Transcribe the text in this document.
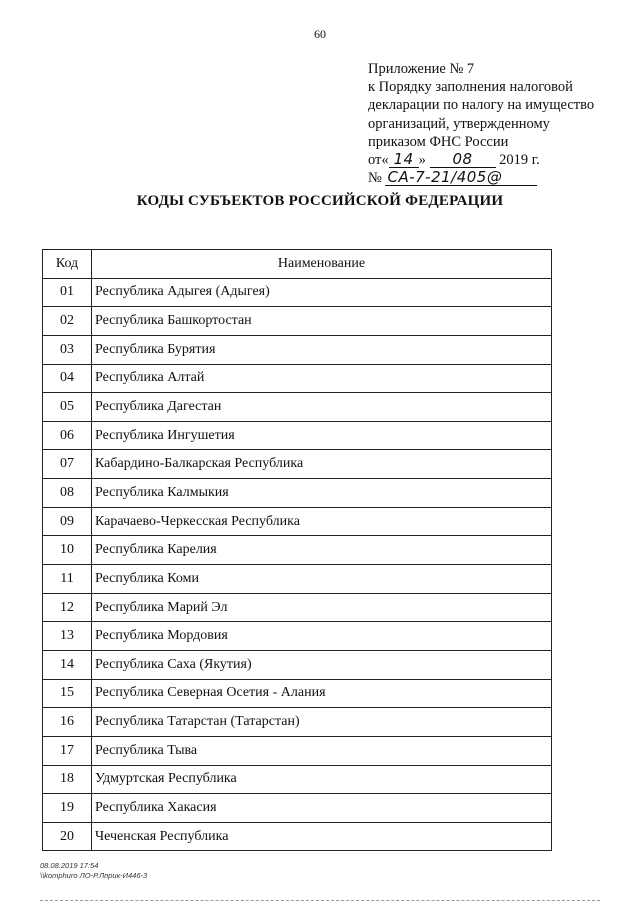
60
Приложение № 7
к Порядку заполнения налоговой
декларации по налогу на имущество
организаций, утвержденному
приказом ФНС России
от« 14 » 08 2019 г.
№ СА-7-21/405@
КОДЫ СУБЪЕКТОВ РОССИЙСКОЙ ФЕДЕРАЦИИ
Код	Наименование
01	Республика Адыгея (Адыгея)
02	Республика Башкортостан
03	Республика Бурятия
04	Республика Алтай
05	Республика Дагестан
06	Республика Ингушетия
07	Кабардино-Балкарская Республика
08	Республика Калмыкия
09	Карачаево-Черкесская Республика
10	Республика Карелия
11	Республика Коми
12	Республика Марий Эл
13	Республика Мордовия
14	Республика Саха (Якутия)
15	Республика Северная Осетия - Алания
16	Республика Татарстан (Татарстан)
17	Республика Тыва
18	Удмуртская Республика
19	Республика Хакасия
20	Чеченская Республика
08.08.2019 17:54
\\komphuro ЛО-Р.Лприк-И446-3
